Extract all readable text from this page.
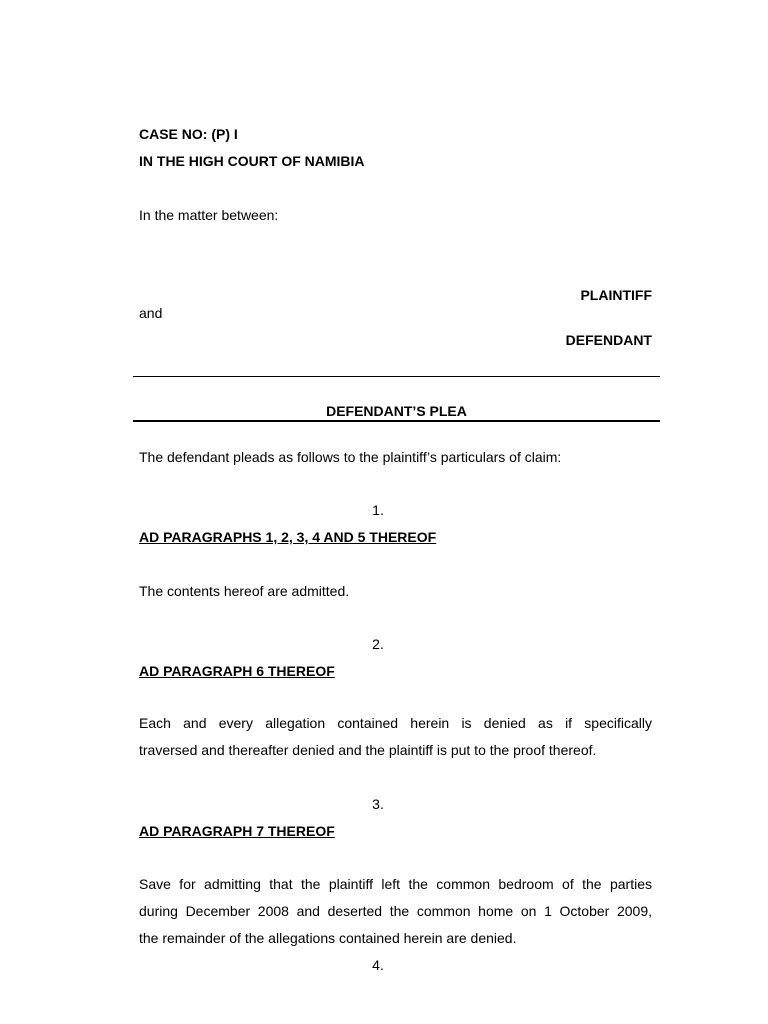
CASE NO: (P) I
IN THE HIGH COURT OF NAMIBIA
In the matter between:
PLAINTIFF
and
DEFENDANT
DEFENDANT’S PLEA
The defendant pleads as follows to the plaintiff’s particulars of claim:
1.
AD PARAGRAPHS 1, 2, 3, 4 AND 5 THEREOF
The contents hereof are admitted.
2.
AD PARAGRAPH 6 THEREOF
Each and every allegation contained herein is denied as if specifically
traversed and thereafter denied and the plaintiff is put to the proof thereof.
3.
AD PARAGRAPH 7 THEREOF
Save for admitting that the plaintiff left the common bedroom of the parties
during December 2008 and deserted the common home on 1 October 2009,
the remainder of the allegations contained herein are denied.
4.
